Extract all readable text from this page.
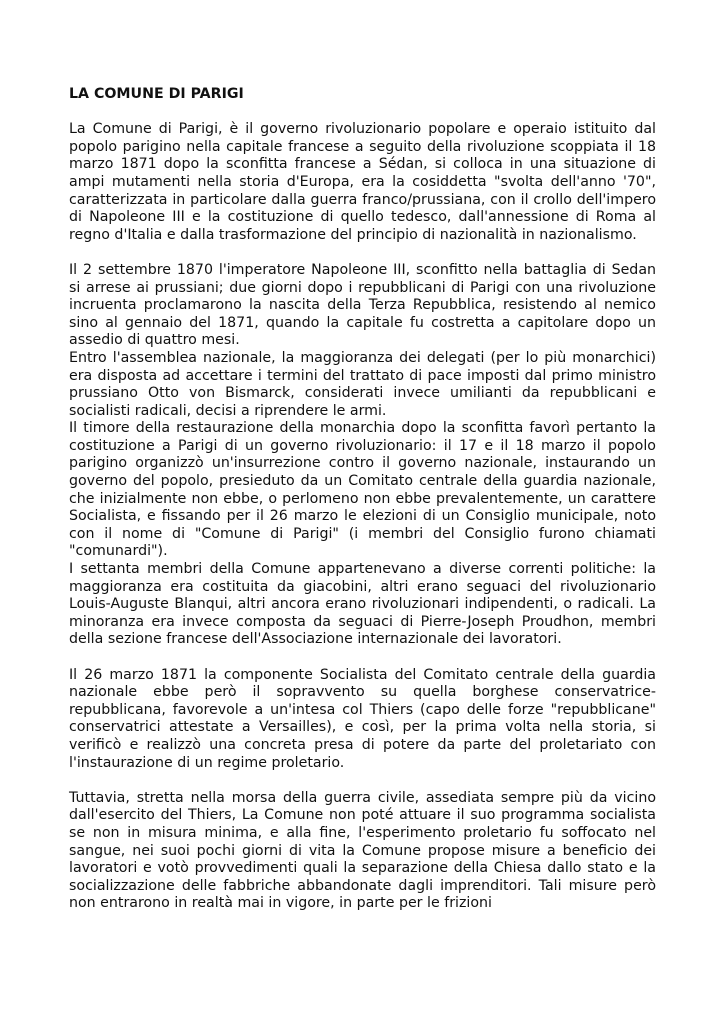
LA COMUNE DI PARIGI

La Comune di Parigi, è il governo rivoluzionario popolare e operaio istituito dal popolo parigino nella capitale francese a seguito della rivoluzione scoppiata il 18 marzo 1871 dopo la sconfitta francese a Sédan, si colloca in una situazione di ampi mutamenti nella storia d'Europa, era la cosiddetta "svolta dell'anno '70", caratterizzata in particolare dalla guerra franco/prussiana, con il crollo dell'impero di Napoleone III e la costituzione di quello tedesco, dall'annessione di Roma al regno d'Italia e dalla trasformazione del principio di nazionalità in nazionalismo.

Il 2 settembre 1870 l'imperatore Napoleone III, sconfitto nella battaglia di Sedan si arrese ai prussiani; due giorni dopo i repubblicani di Parigi con una rivoluzione incruenta proclamarono la nascita della Terza Repubblica, resistendo al nemico sino al gennaio del 1871, quando la capitale fu costretta a capitolare dopo un assedio di quattro mesi.

Entro l'assemblea nazionale, la maggioranza dei delegati (per lo più monarchici) era disposta ad accettare i termini del trattato di pace imposti dal primo ministro prussiano Otto von Bismarck, considerati invece umilianti da repubblicani e socialisti radicali, decisi a riprendere le armi.

Il timore della restaurazione della monarchia dopo la sconfitta favorì pertanto la costituzione a Parigi di un governo rivoluzionario: il 17 e il 18 marzo il popolo parigino organizzò un'insurrezione contro il governo nazionale, instaurando un governo del popolo, presieduto da un Comitato centrale della guardia nazionale, che inizialmente non ebbe, o perlomeno non ebbe prevalentemente, un carattere Socialista, e fissando per il 26 marzo le elezioni di un Consiglio municipale, noto con il nome di "Comune di Parigi" (i membri del Consiglio furono chiamati "comunardi").

I settanta membri della Comune appartenevano a diverse correnti politiche: la maggioranza era costituita da giacobini, altri erano seguaci del rivoluzionario Louis-Auguste Blanqui, altri ancora erano rivoluzionari indipendenti, o radicali. La minoranza era invece composta da seguaci di Pierre-Joseph Proudhon, membri della sezione francese dell'Associazione internazionale dei lavoratori.

Il 26 marzo 1871 la componente Socialista del Comitato centrale della guardia nazionale ebbe però il sopravvento su quella borghese conservatrice-repubblicana, favorevole a un'intesa col Thiers (capo delle forze "repubblicane" conservatrici attestate a Versailles), e così, per la prima volta nella storia, si verificò e realizzò una concreta presa di potere da parte del proletariato con l'instaurazione di un regime proletario.

Tuttavia, stretta nella morsa della guerra civile, assediata sempre più da vicino dall'esercito del Thiers, La Comune non poté attuare il suo programma socialista se non in misura minima, e alla fine, l'esperimento proletario fu soffocato nel sangue, nei suoi pochi giorni di vita la Comune propose misure a beneficio dei lavoratori e votò provvedimenti quali la separazione della Chiesa dallo stato e la socializzazione delle fabbriche abbandonate dagli imprenditori. Tali misure però non entrarono in realtà mai in vigore, in parte per le frizioni
